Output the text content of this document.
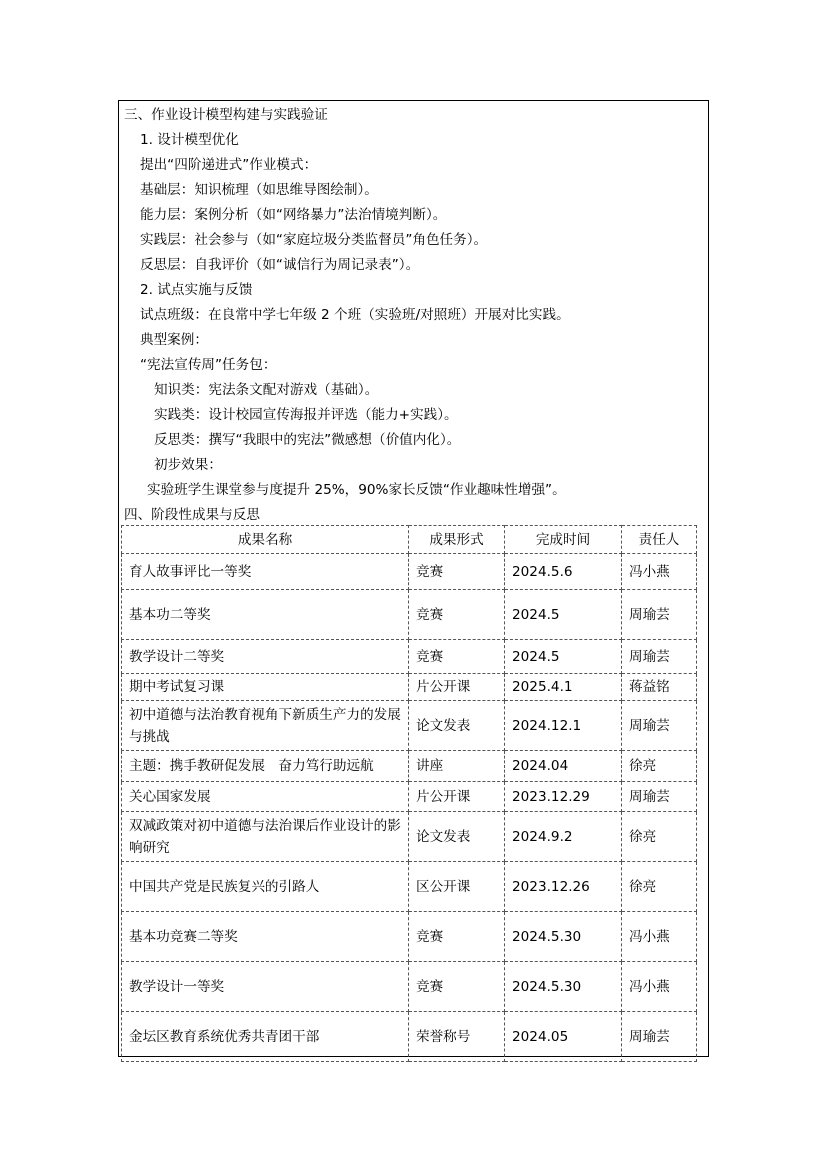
三、作业设计模型构建与实践验证
1. 设计模型优化
提出“四阶递进式”作业模式：
基础层：知识梳理（如思维导图绘制）。
能力层：案例分析（如“网络暴力”法治情境判断）。
实践层：社会参与（如“家庭垃圾分类监督员”角色任务）。
反思层：自我评价（如“诚信行为周记录表”）。
2. 试点实施与反馈
试点班级：在良常中学七年级 2 个班（实验班/对照班）开展对比实践。
典型案例：
“宪法宣传周”任务包：
知识类：宪法条文配对游戏（基础）。
实践类：设计校园宣传海报并评选（能力+实践）。
反思类：撰写“我眼中的宪法”微感想（价值内化）。
初步效果：
实验班学生课堂参与度提升 25%，90%家长反馈“作业趣味性增强”。
四、阶段性成果与反思
成果名称	成果形式	完成时间	责任人
育人故事评比一等奖	竞赛	2024.5.6	冯小燕
基本功二等奖	竞赛	2024.5	周瑜芸
教学设计二等奖	竞赛	2024.5	周瑜芸
期中考试复习课	片公开课	2025.4.1	蒋益铭
初中道德与法治教育视角下新质生产力的发展与挑战	论文发表	2024.12.1	周瑜芸
主题：携手教研促发展　奋力笃行助远航	讲座	2024.04	徐亮
关心国家发展	片公开课	2023.12.29	周瑜芸
双减政策对初中道德与法治课后作业设计的影响研究	论文发表	2024.9.2	徐亮
中国共产党是民族复兴的引路人	区公开课	2023.12.26	徐亮
基本功竞赛二等奖	竞赛	2024.5.30	冯小燕
教学设计一等奖	竞赛	2024.5.30	冯小燕
金坛区教育系统优秀共青团干部	荣誉称号	2024.05	周瑜芸
